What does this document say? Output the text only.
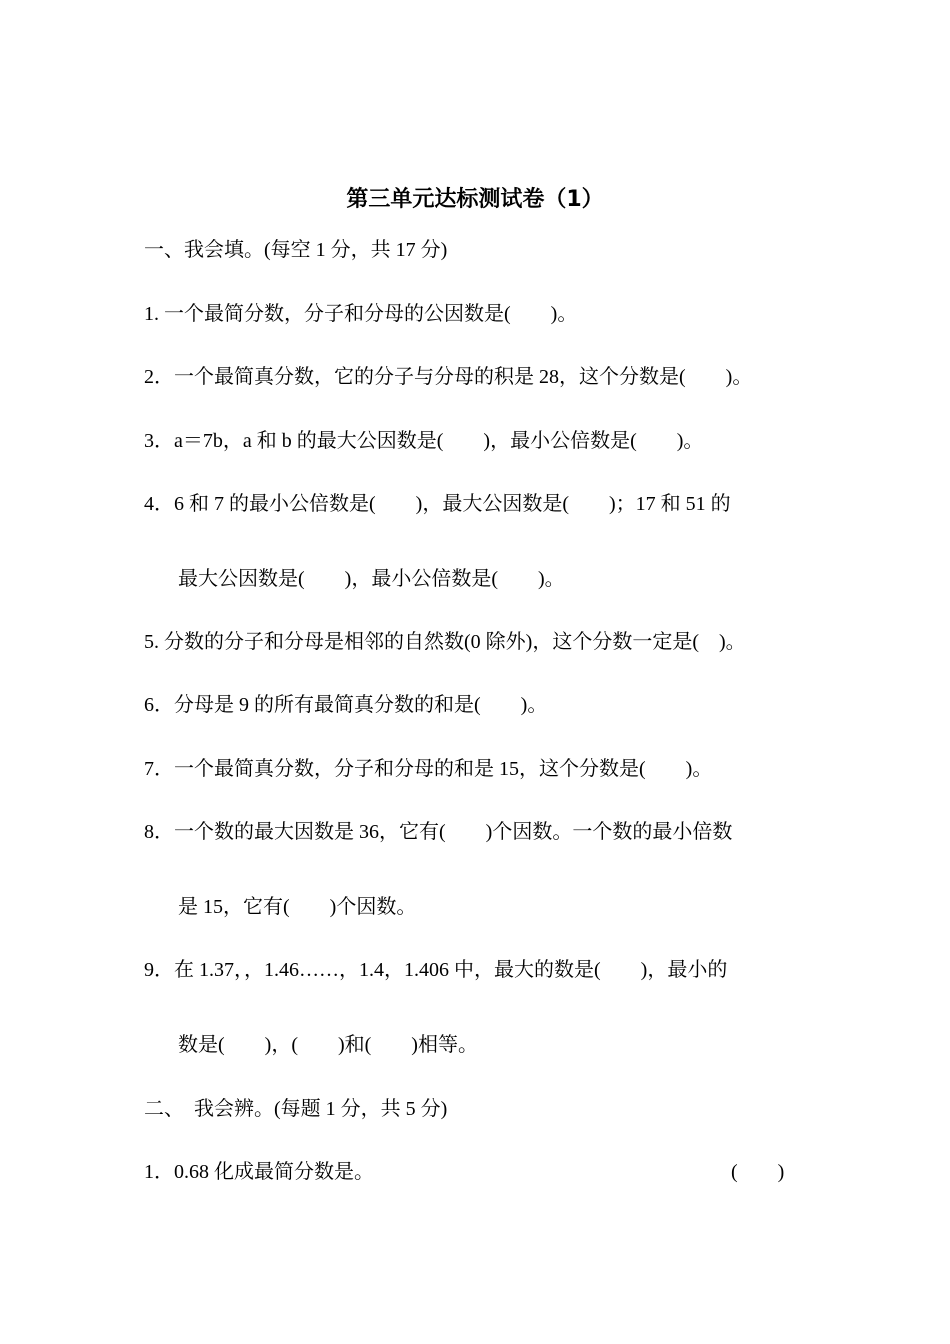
第三单元达标测试卷（1）
一、我会填。(每空 1 分，共 17 分)
1. 一个最简分数，分子和分母的公因数是(　　)。
2．一个最简真分数，它的分子与分母的积是 28，这个分数是(　　)。
3．a＝7b，a 和 b 的最大公因数是(　　)，最小公倍数是(　　)。
4．6 和 7 的最小公倍数是(　　)，最大公因数是(　　)；17 和 51 的
最大公因数是(　　)，最小公倍数是(　　)。
5. 分数的分子和分母是相邻的自然数(0 除外)，这个分数一定是(　)。
6．分母是 9 的所有最简真分数的和是(　　)。
7．一个最简真分数，分子和分母的和是 15，这个分数是(　　)。
8．一个数的最大因数是 36，它有(　　)个因数。一个数的最小倍数
是 15，它有(　　)个因数。
9．在 1.37，，1.46……，1.4，1.406 中，最大的数是(　　)，最小的
数是(　　)，(　　)和(　　)相等。
二、　我会辨。(每题 1 分，共 5 分)
1．0.68 化成最简分数是。	(　　)
